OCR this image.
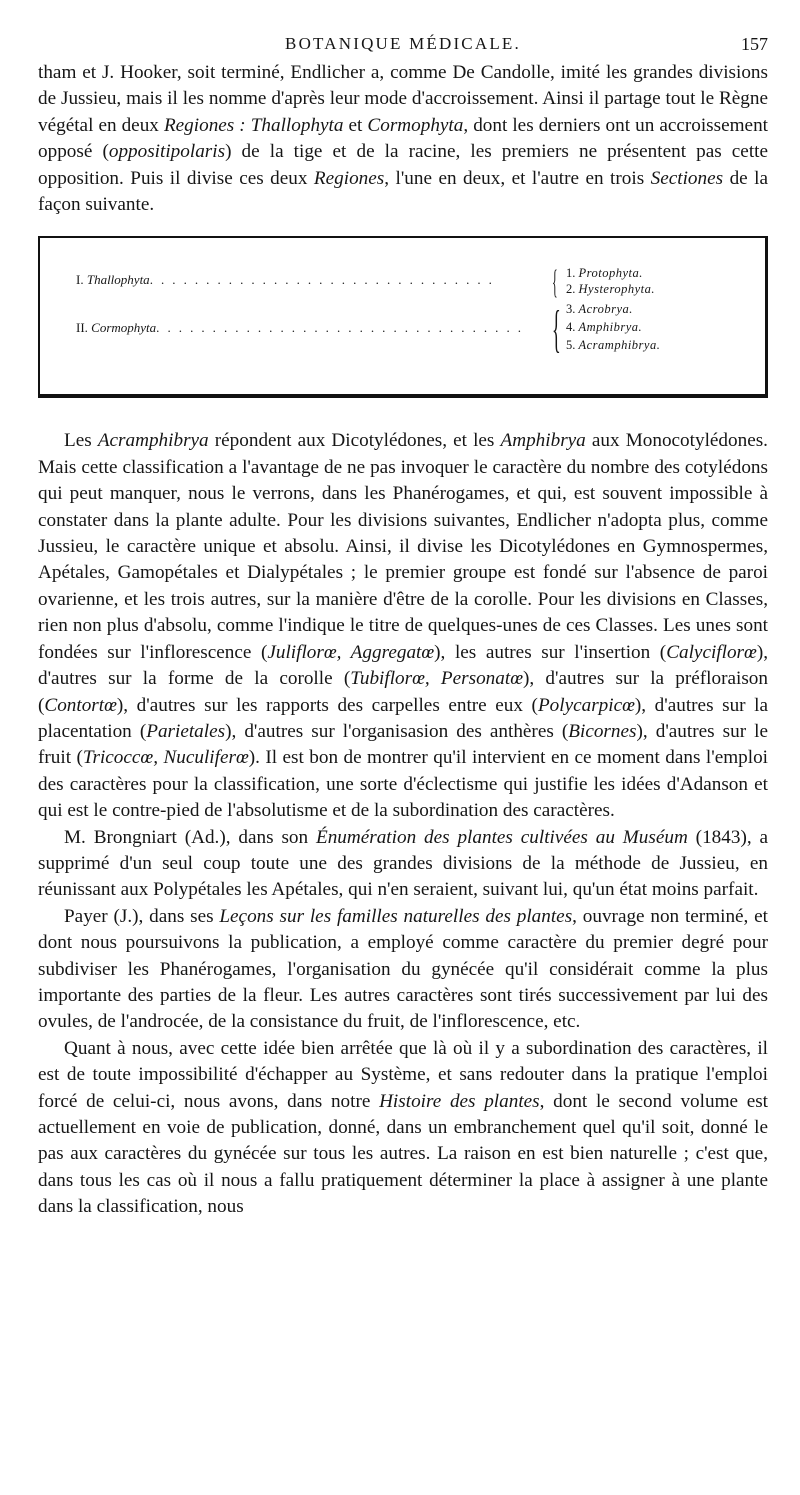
BOTANIQUE MÉDICALE.	157

tham et J. Hooker, soit terminé, Endlicher a, comme De Candolle, imité les grandes divisions de Jussieu, mais il les nomme d'après leur mode d'accroissement. Ainsi il partage tout le Règne végétal en deux Regiones : Thallophyta et Cormophyta, dont les derniers ont un accroissement opposé (oppositipolaris) de la tige et de la racine, les premiers ne présentent pas cette opposition. Puis il divise ces deux Regiones, l'une en deux, et l'autre en trois Sectiones de la façon suivante.

I. Thallophyta. . . . . . . . . . . . . . . . . . . . . . . . . . . . . . .
II. Cormophyta. . . . . . . . . . . . . . . . . . . . . . . . . . . . . . . . .
{
{
1. Protophyta.
2. Hysterophyta.
3. Acrobrya.
4. Amphibrya.
5. Acramphibrya.

Les Acramphibrya répondent aux Dicotylédones, et les Amphibrya aux Monocotylédones. Mais cette classification a l'avantage de ne pas invoquer le caractère du nombre des cotylédons qui peut manquer, nous le verrons, dans les Phanérogames, et qui, est souvent impossible à constater dans la plante adulte. Pour les divisions suivantes, Endlicher n'adopta plus, comme Jussieu, le caractère unique et absolu. Ainsi, il divise les Dicotylédones en Gymnospermes, Apétales, Gamopétales et Dialypétales ; le premier groupe est fondé sur l'absence de paroi ovarienne, et les trois autres, sur la manière d'être de la corolle. Pour les divisions en Classes, rien non plus d'absolu, comme l'indique le titre de quelques-unes de ces Classes. Les unes sont fondées sur l'inflorescence (Juliflorœ, Aggregatœ), les autres sur l'insertion (Calyciflorœ), d'autres sur la forme de la corolle (Tubiflorœ, Personatœ), d'autres sur la préfloraison (Contortœ), d'autres sur les rapports des carpelles entre eux (Polycarpicœ), d'autres sur la placentation (Parietales), d'autres sur l'organisasion des anthères (Bicornes), d'autres sur le fruit (Tricoccœ, Nuculiferœ). Il est bon de montrer qu'il intervient en ce moment dans l'emploi des caractères pour la classification, une sorte d'éclectisme qui justifie les idées d'Adanson et qui est le contre-pied de l'absolutisme et de la subordination des caractères.

M. Brongniart (Ad.), dans son Énumération des plantes cultivées au Muséum (1843), a supprimé d'un seul coup toute une des grandes divisions de la méthode de Jussieu, en réunissant aux Polypétales les Apétales, qui n'en seraient, suivant lui, qu'un état moins parfait.

Payer (J.), dans ses Leçons sur les familles naturelles des plantes, ouvrage non terminé, et dont nous poursuivons la publication, a employé comme caractère du premier degré pour subdiviser les Phanérogames, l'organisation du gynécée qu'il considérait comme la plus importante des parties de la fleur. Les autres caractères sont tirés successivement par lui des ovules, de l'androcée, de la consistance du fruit, de l'inflorescence, etc.

Quant à nous, avec cette idée bien arrêtée que là où il y a subordination des caractères, il est de toute impossibilité d'échapper au Système, et sans redouter dans la pratique l'emploi forcé de celui-ci, nous avons, dans notre Histoire des plantes, dont le second volume est actuellement en voie de publication, donné, dans un embranchement quel qu'il soit, donné le pas aux caractères du gynécée sur tous les autres. La raison en est bien naturelle ; c'est que, dans tous les cas où il nous a fallu pratiquement déterminer la place à assigner à une plante dans la classification, nous
